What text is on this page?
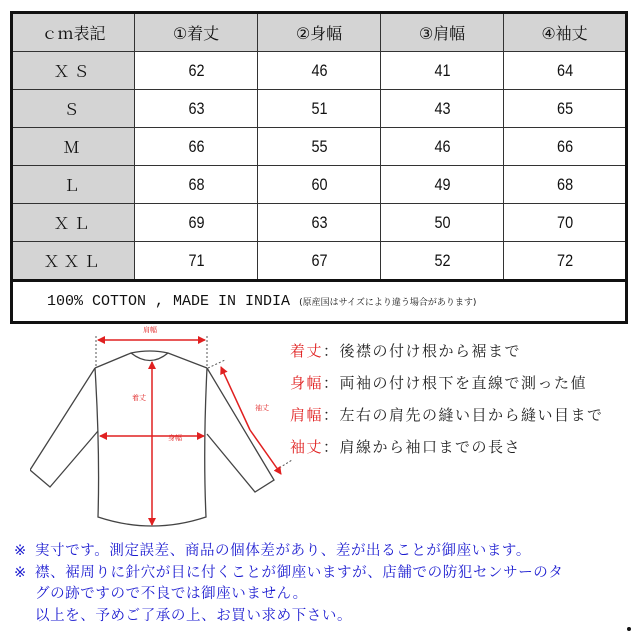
ｃｍ表記	①着丈	②身幅	③肩幅	④袖丈
ＸＳ	62	46	41	64
Ｓ	63	51	43	65
Ｍ	66	55	46	66
Ｌ	68	60	49	68
ＸＬ	69	63	50	70
ＸＸＬ	71	67	52	72
100% COTTON , MADE IN INDIA (原産国はサイズにより違う場合があります)				
肩幅
着丈
身幅
袖丈
着丈：後襟の付け根から裾まで
身幅：両袖の付け根下を直線で測った値
肩幅：左右の肩先の縫い目から縫い目まで
袖丈：肩線から袖口までの長さ
※ 実寸です。測定誤差、商品の個体差があり、差が出ることが御座います。
※ 襟、裾周りに針穴が目に付くことが御座いますが、店舗での防犯センサーのタ
グの跡ですので不良では御座いません。
以上を、予めご了承の上、お買い求め下さい。
